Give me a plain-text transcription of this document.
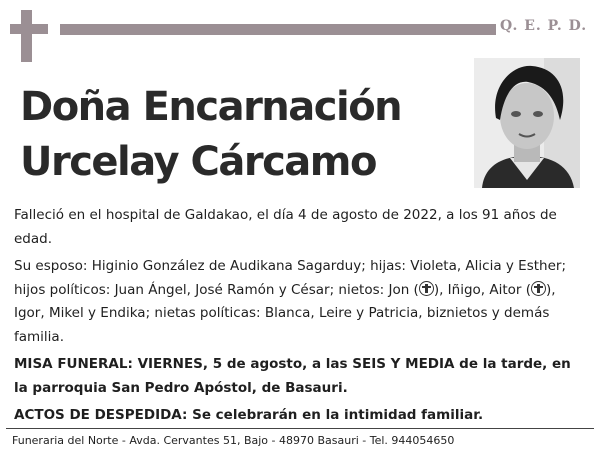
Q. E. P. D.
Doña Encarnación
Urcelay Cárcamo

Falleció en el hospital de Galdakao, el día 4 de agosto de 2022, a los 91 años de edad.

Su esposo: Higinio González de Audikana Sagarduy; hijas: Violeta, Alicia y Esther; hijos políticos: Juan Ángel, José Ramón y César; nietos: Jon ( ), Iñigo, Aitor ( ), Igor, Mikel y Endika; nietas políticas: Blanca, Leire y Patricia, biznietos y demás familia.

MISA FUNERAL: VIERNES, 5 de agosto, a las SEIS Y MEDIA de la tarde, en la parroquia San Pedro Apóstol, de Basauri.

ACTOS DE DESPEDIDA: Se celebrarán en la intimidad familiar.

Funeraria del Norte - Avda. Cervantes 51, Bajo - 48970 Basauri - Tel. 944054650
